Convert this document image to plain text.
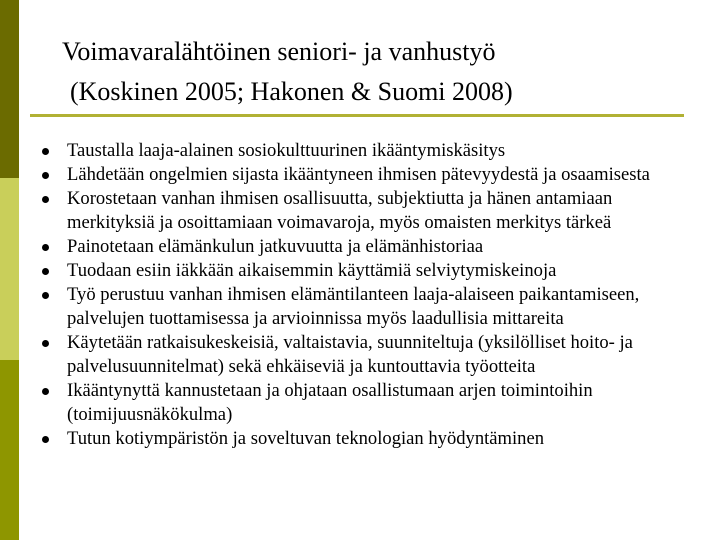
Voimavaralähtöinen seniori- ja vanhustyö
(Koskinen 2005; Hakonen & Suomi 2008)
Taustalla laaja-alainen sosiokulttuurinen ikääntymiskäsitys
Lähdetään ongelmien sijasta ikääntyneen ihmisen pätevyydestä ja osaamisesta
Korostetaan vanhan ihmisen osallisuutta, subjektiutta ja hänen antamiaan merkityksiä ja osoittamiaan voimavaroja, myös omaisten merkitys tärkeä
Painotetaan elämänkulun jatkuvuutta ja elämänhistoriaa
Tuodaan esiin iäkkään aikaisemmin käyttämiä selviytymiskeinoja
Työ perustuu vanhan ihmisen elämäntilanteen laaja-alaiseen paikantamiseen, palvelujen tuottamisessa ja arvioinnissa myös laadullisia mittareita
Käytetään ratkaisukeskeisiä, valtaistavia, suunniteltuja (yksilölliset hoito- ja palvelusuunnitelmat) sekä ehkäiseviä ja kuntouttavia työotteita
Ikääntynyttä kannustetaan ja ohjataan osallistumaan arjen toimintoihin (toimijuusnäkökulma)
Tutun kotiympäristön ja soveltuvan teknologian hyödyntäminen
